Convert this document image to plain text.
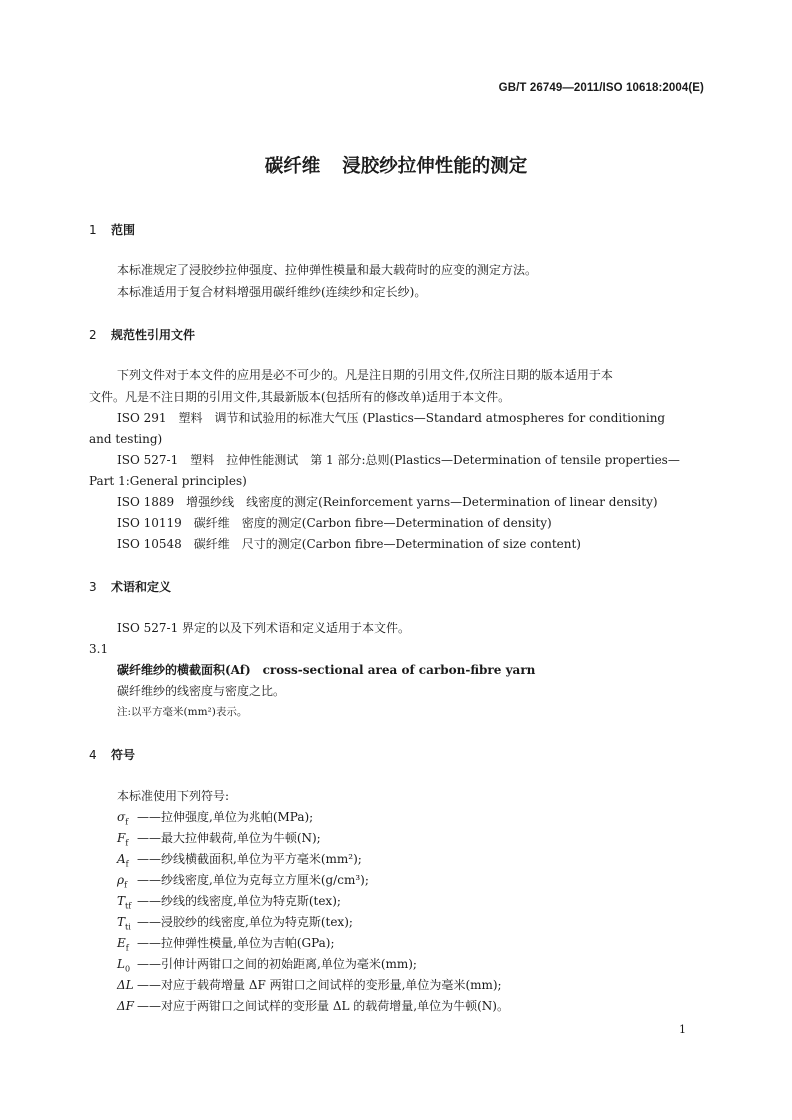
GB/T 26749—2011/ISO 10618:2004(E)
碳纤维 浸胶纱拉伸性能的测定
1 范围
本标准规定了浸胶纱拉伸强度、拉伸弹性模量和最大载荷时的应变的测定方法。
本标准适用于复合材料增强用碳纤维纱(连续纱和定长纱)。
2 规范性引用文件
下列文件对于本文件的应用是必不可少的。凡是注日期的引用文件,仅所注日期的版本适用于本
文件。凡是不注日期的引用文件,其最新版本(包括所有的修改单)适用于本文件。
ISO 291　塑料　调节和试验用的标准大气压 (Plastics—Standard atmospheres for conditioning
and testing)
ISO 527-1　塑料　拉伸性能测试　第 1 部分:总则(Plastics—Determination of tensile properties—
Part 1:General principles)
ISO 1889　增强纱线　线密度的测定(Reinforcement yarns—Determination of linear density)
ISO 10119　碳纤维　密度的测定(Carbon fibre—Determination of density)
ISO 10548　碳纤维　尺寸的测定(Carbon fibre—Determination of size content)
3 术语和定义
ISO 527-1 界定的以及下列术语和定义适用于本文件。
3.1
碳纤维纱的横截面积(Af)　cross-sectional area of carbon-fibre yarn
碳纤维纱的线密度与密度之比。
注:以平方毫米(mm²)表示。
4 符号
本标准使用下列符号:
$\sigma_f$ ——拉伸强度,单位为兆帕(MPa);
$F_f$ ——最大拉伸载荷,单位为牛顿(N);
$A_f$ ——纱线横截面积,单位为平方毫米(mm²);
$\rho_f$ ——纱线密度,单位为克每立方厘米(g/cm³);
$T_{tf}$ ——纱线的线密度,单位为特克斯(tex);
$T_{ti}$ ——浸胶纱的线密度,单位为特克斯(tex);
$E_f$ ——拉伸弹性模量,单位为吉帕(GPa);
$L_0$ ——引伸计两钳口之间的初始距离,单位为毫米(mm);
ΔL ——对应于载荷增量 ΔF 两钳口之间试样的变形量,单位为毫米(mm);
ΔF ——对应于两钳口之间试样的变形量 ΔL 的载荷增量,单位为牛顿(N)。
1
